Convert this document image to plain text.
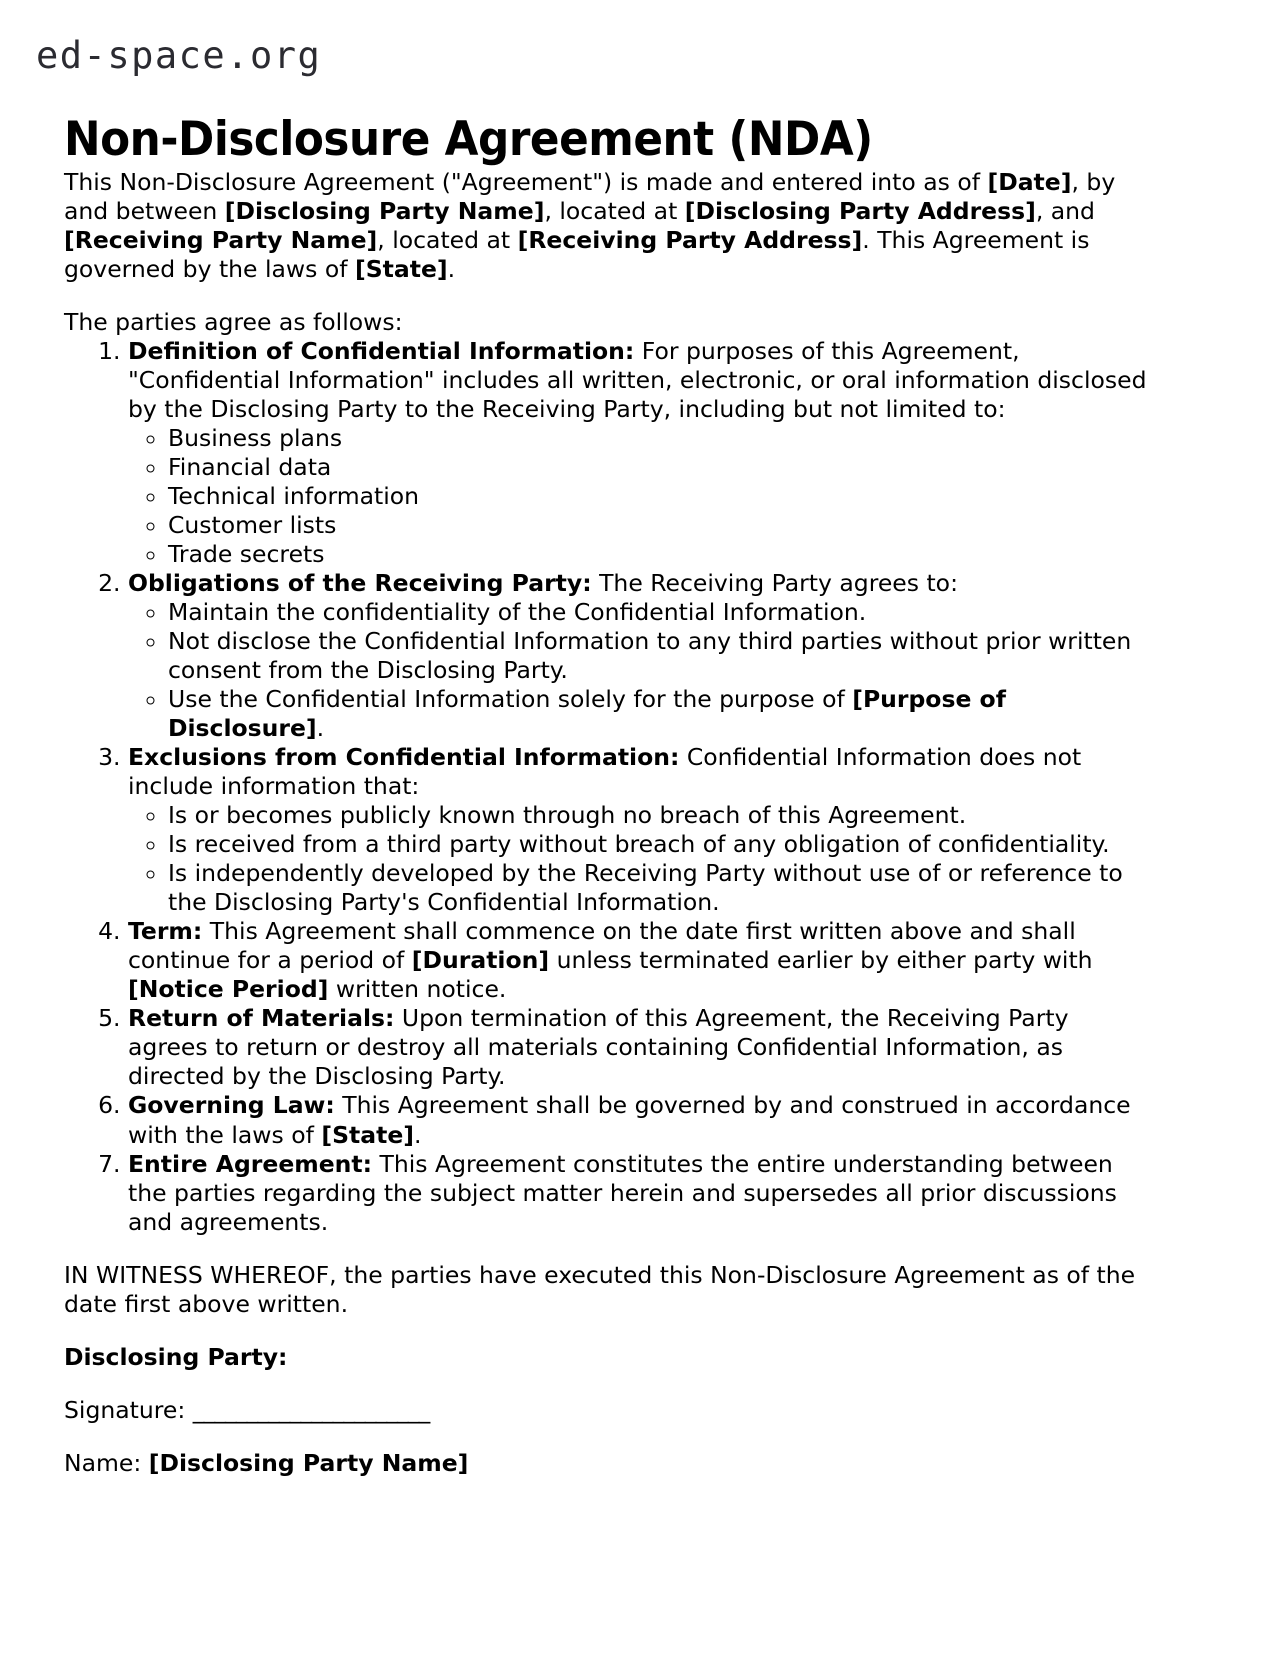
ed-space.org
Non-Disclosure Agreement (NDA)

This Non-Disclosure Agreement ("Agreement") is made and entered into as of [Date], by and between [Disclosing Party Name], located at [Disclosing Party Address], and [Receiving Party Name], located at [Receiving Party Address]. This Agreement is governed by the laws of [State].

The parties agree as follows:

1. Definition of Confidential Information: For purposes of this Agreement, "Confidential Information" includes all written, electronic, or oral information disclosed by the Disclosing Party to the Receiving Party, including but not limited to:
◦ Business plans
◦ Financial data
◦ Technical information
◦ Customer lists
◦ Trade secrets
2. Obligations of the Receiving Party: The Receiving Party agrees to:
◦ Maintain the confidentiality of the Confidential Information.
◦ Not disclose the Confidential Information to any third parties without prior written consent from the Disclosing Party.
◦ Use the Confidential Information solely for the purpose of [Purpose of Disclosure].
3. Exclusions from Confidential Information: Confidential Information does not include information that:
◦ Is or becomes publicly known through no breach of this Agreement.
◦ Is received from a third party without breach of any obligation of confidentiality.
◦ Is independently developed by the Receiving Party without use of or reference to the Disclosing Party's Confidential Information.
4. Term: This Agreement shall commence on the date first written above and shall continue for a period of [Duration] unless terminated earlier by either party with [Notice Period] written notice.
5. Return of Materials: Upon termination of this Agreement, the Receiving Party agrees to return or destroy all materials containing Confidential Information, as directed by the Disclosing Party.
6. Governing Law: This Agreement shall be governed by and construed in accordance with the laws of [State].
7. Entire Agreement: This Agreement constitutes the entire understanding between the parties regarding the subject matter herein and supersedes all prior discussions and agreements.

IN WITNESS WHEREOF, the parties have executed this Non-Disclosure Agreement as of the date first above written.

Disclosing Party:

Signature: ______________________

Name: [Disclosing Party Name]
